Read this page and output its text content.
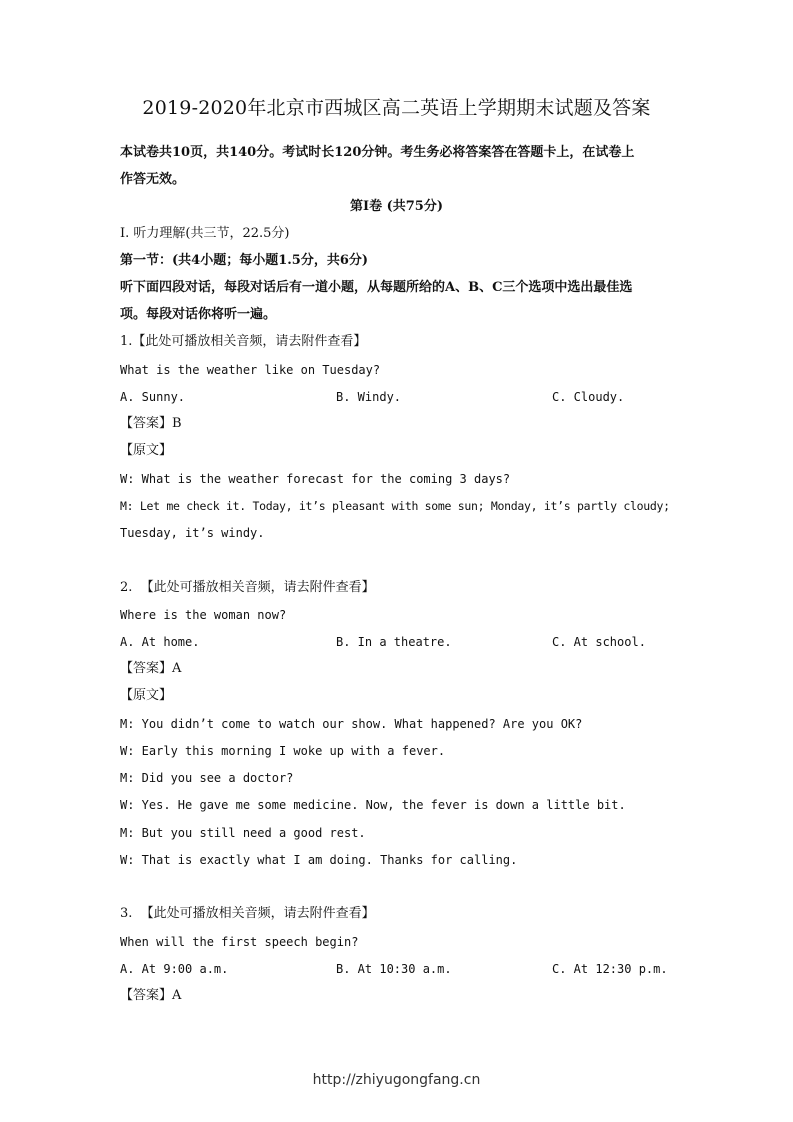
2019-2020年北京市西城区高二英语上学期期末试题及答案
本试卷共10页，共140分。考试时长120分钟。考生务必将答案答在答题卡上，在试卷上
作答无效。
第Ⅰ卷 (共75分)
I. 听力理解(共三节，22.5分)
第一节：(共4小题；每小题1.5分，共6分)
听下面四段对话，每段对话后有一道小题，从每题所给的A、B、C三个选项中选出最佳选
项。每段对话你将听一遍。
1.【此处可播放相关音频，请去附件查看】
What is the weather like on Tuesday?
A. Sunny.	B. Windy.	C. Cloudy.
【答案】B
【原文】
W: What is the weather forecast for the coming 3 days?
M: Let me check it. Today, it’s pleasant with some sun; Monday, it’s partly cloudy;
Tuesday, it’s windy.
2. 【此处可播放相关音频，请去附件查看】
Where is the woman now?
A. At home.	B. In a theatre.	C. At school.
【答案】A
【原文】
M: You didn’t come to watch our show. What happened? Are you OK?
W: Early this morning I woke up with a fever.
M: Did you see a doctor?
W: Yes. He gave me some medicine. Now, the fever is down a little bit.
M: But you still need a good rest.
W: That is exactly what I am doing. Thanks for calling.
3. 【此处可播放相关音频，请去附件查看】
When will the first speech begin?
A. At 9:00 a.m.	B. At 10:30 a.m.	C. At 12:30 p.m.
【答案】A
http://zhiyugongfang.cn
